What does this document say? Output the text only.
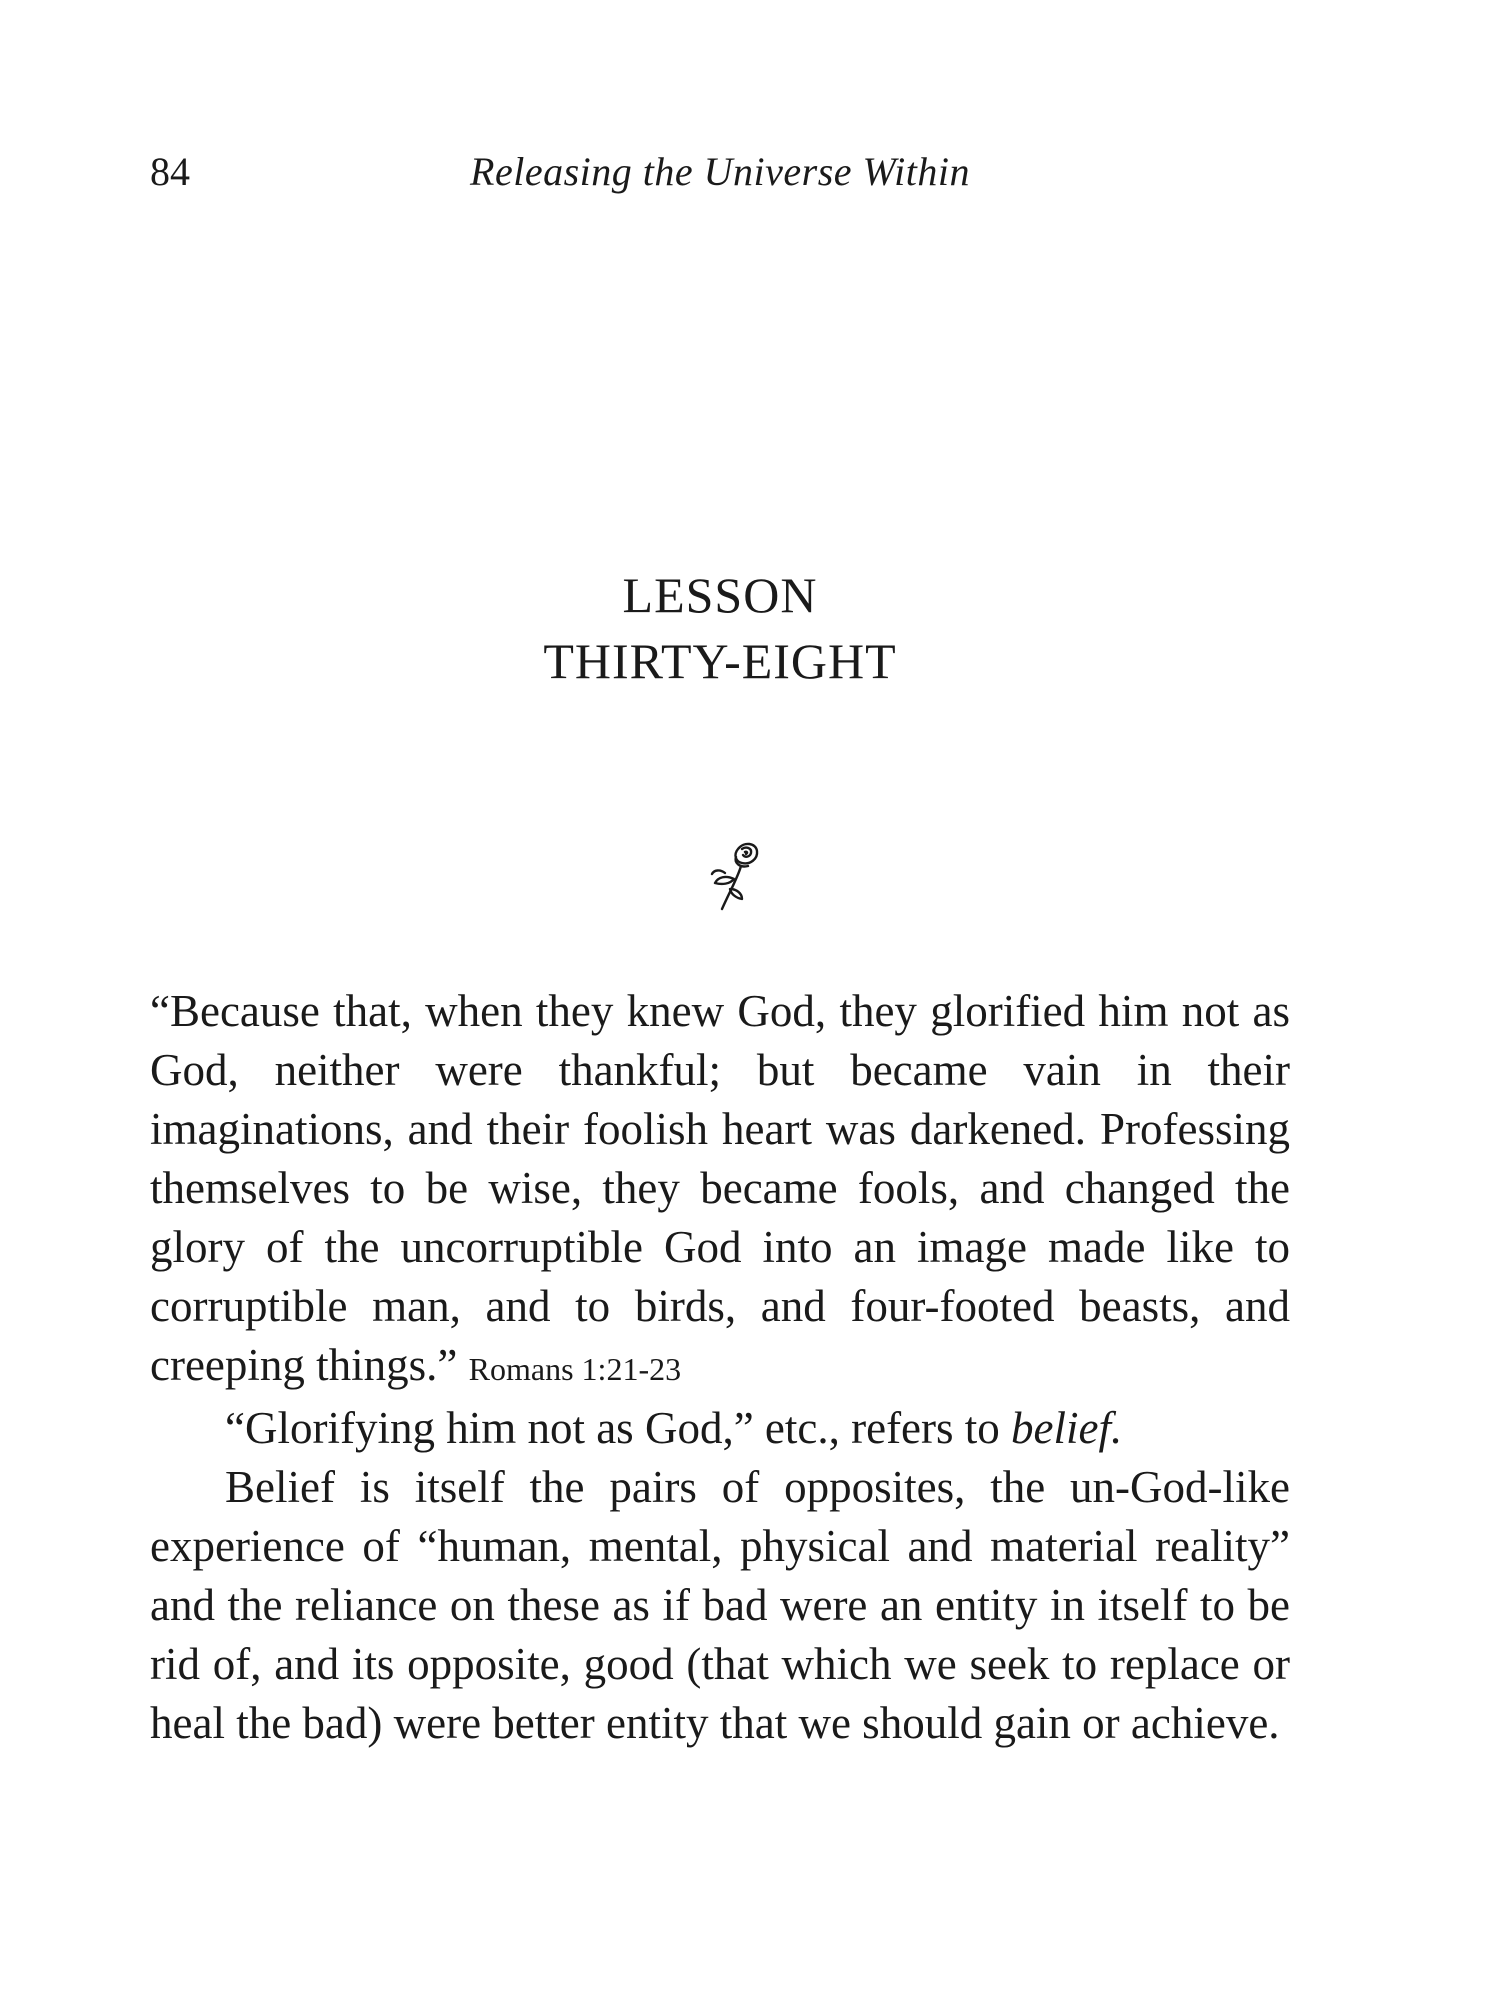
84	Releasing the Universe Within
LESSON
THIRTY-EIGHT

“Because that, when they knew God, they glorified him not as God, neither were thankful; but became vain in their imaginations, and their foolish heart was darkened. Professing themselves to be wise, they became fools, and changed the glory of the uncorruptible God into an image made like to corruptible man, and to birds, and four-footed beasts, and creeping things.” Romans 1:21-23

“Glorifying him not as God,” etc., refers to belief.

Belief is itself the pairs of opposites, the un-God-like experience of “human, mental, physical and material reality” and the reliance on these as if bad were an entity in itself to be rid of, and its opposite, good (that which we seek to replace or heal the bad) were better entity that we should gain or achieve.
